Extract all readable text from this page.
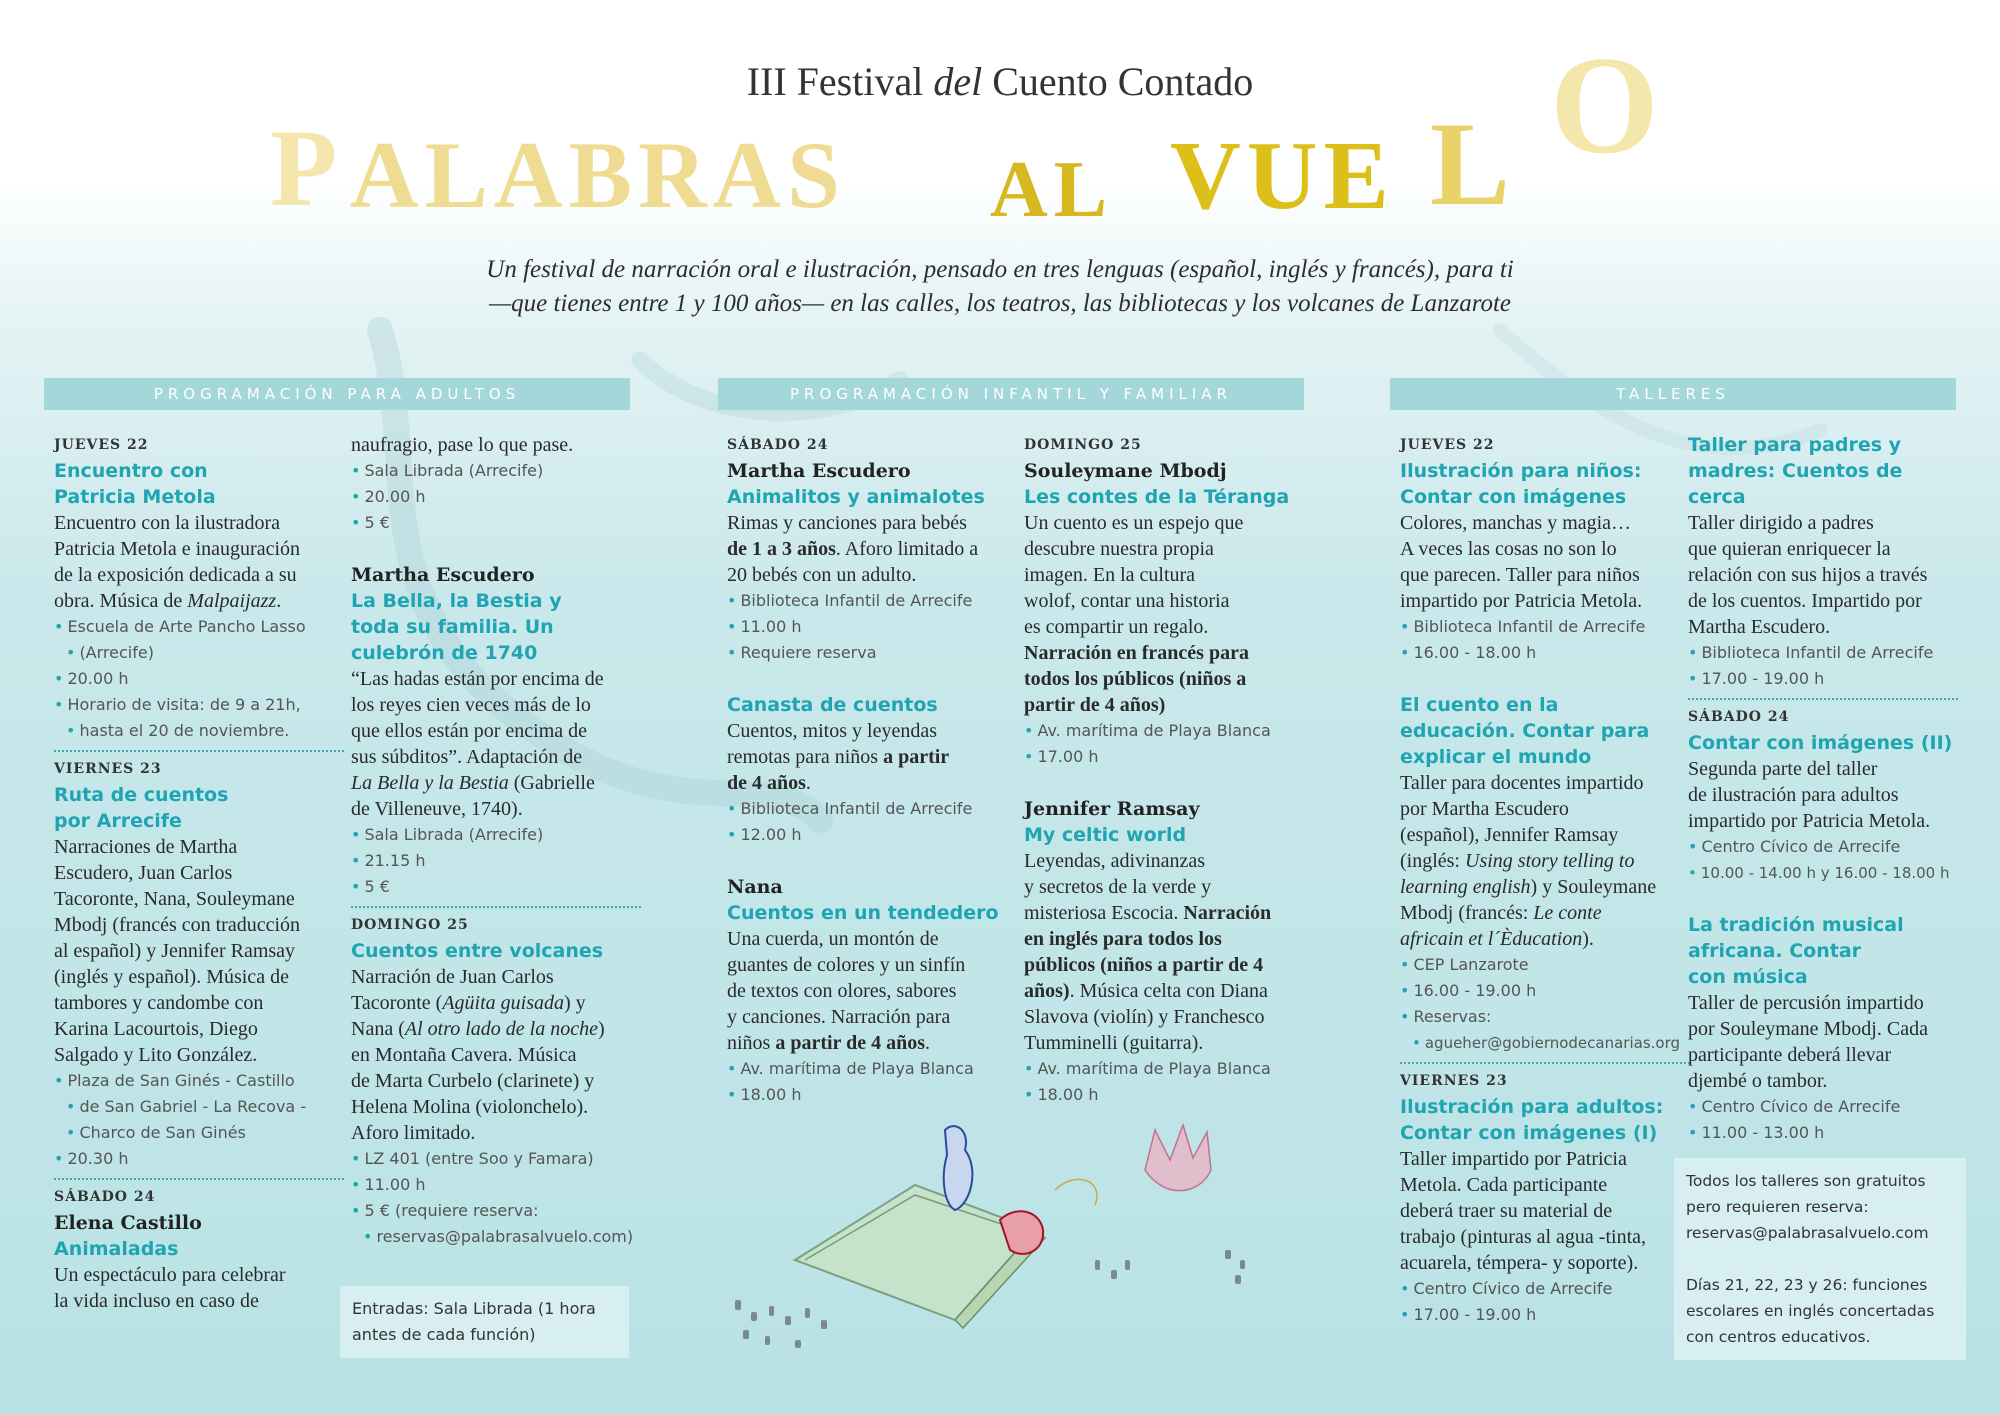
III Festival del Cuento Contado
P ALABRAS AL VUE L O
Un festival de narración oral e ilustración, pensado en tres lenguas (español, inglés y francés), para ti
—que tienes entre 1 y 100 años— en las calles, los teatros, las bibliotecas y los volcanes de Lanzarote
PROGRAMACIÓN PARA ADULTOS	PROGRAMACIÓN INFANTIL Y FAMILIAR	TALLERES
JUEVES 22
Encuentro con
Patricia Metola
Encuentro con la ilustradora
Patricia Metola e inauguración
de la exposición dedicada a su
obra. Música de Malpaijazz.
• Escuela de Arte Pancho Lasso
• (Arrecife)
• 20.00 h
• Horario de visita: de 9 a 21h,
• hasta el 20 de noviembre.
VIERNES 23
Ruta de cuentos
por Arrecife
Narraciones de Martha
Escudero, Juan Carlos
Tacoronte, Nana, Souleymane
Mbodj (francés con traducción
al español) y Jennifer Ramsay
(inglés y español). Música de
tambores y candombe con
Karina Lacourtois, Diego
Salgado y Lito González.
• Plaza de San Ginés - Castillo
• de San Gabriel - La Recova -
• Charco de San Ginés
• 20.30 h
SÁBADO 24
Elena Castillo
Animaladas
Un espectáculo para celebrar
la vida incluso en caso de
naufragio, pase lo que pase.
• Sala Librada (Arrecife)
• 20.00 h
• 5 €
Martha Escudero
La Bella, la Bestia y
toda su familia. Un
culebrón de 1740
“Las hadas están por encima de
los reyes cien veces más de lo
que ellos están por encima de
sus súbditos”. Adaptación de
La Bella y la Bestia (Gabrielle
de Villeneuve, 1740).
• Sala Librada (Arrecife)
• 21.15 h
• 5 €
DOMINGO 25
Cuentos entre volcanes
Narración de Juan Carlos
Tacoronte (Agüita guisada) y
Nana (Al otro lado de la noche)
en Montaña Cavera. Música
de Marta Curbelo (clarinete) y
Helena Molina (violonchelo).
Aforo limitado.
• LZ 401 (entre Soo y Famara)
• 11.00 h
• 5 € (requiere reserva:
• reservas@palabrasalvuelo.com)
Entradas: Sala Librada (1 hora antes de cada función)
SÁBADO 24
Martha Escudero
Animalitos y animalotes
Rimas y canciones para bebés
de 1 a 3 años. Aforo limitado a
20 bebés con un adulto.
• Biblioteca Infantil de Arrecife
• 11.00 h
• Requiere reserva
Canasta de cuentos
Cuentos, mitos y leyendas
remotas para niños a partir
de 4 años.
• Biblioteca Infantil de Arrecife
• 12.00 h
Nana
Cuentos en un tendedero
Una cuerda, un montón de
guantes de colores y un sinfín
de textos con olores, sabores
y canciones. Narración para
niños a partir de 4 años.
• Av. marítima de Playa Blanca
• 18.00 h
DOMINGO 25
Souleymane Mbodj
Les contes de la Téranga
Un cuento es un espejo que
descubre nuestra propia
imagen. En la cultura
wolof, contar una historia
es compartir un regalo.
Narración en francés para
todos los públicos (niños a
partir de 4 años)
• Av. marítima de Playa Blanca
• 17.00 h
Jennifer Ramsay
My celtic world
Leyendas, adivinanzas
y secretos de la verde y
misteriosa Escocia. Narración
en inglés para todos los
públicos (niños a partir de 4
años). Música celta con Diana
Slavova (violín) y Franchesco
Tumminelli (guitarra).
• Av. marítima de Playa Blanca
• 18.00 h
JUEVES 22
Ilustración para niños:
Contar con imágenes
Colores, manchas y magia…
A veces las cosas no son lo
que parecen. Taller para niños
impartido por Patricia Metola.
• Biblioteca Infantil de Arrecife
• 16.00 - 18.00 h
El cuento en la
educación. Contar para
explicar el mundo
Taller para docentes impartido
por Martha Escudero
(español), Jennifer Ramsay
(inglés: Using story telling to
learning english) y Souleymane
Mbodj (francés: Le conte
africain et l´Èducation).
• CEP Lanzarote
• 16.00 - 19.00 h
• Reservas:
• agueher@gobiernodecanarias.org
VIERNES 23
Ilustración para adultos:
Contar con imágenes (I)
Taller impartido por Patricia
Metola. Cada participante
deberá traer su material de
trabajo (pinturas al agua -tinta,
acuarela, témpera- y soporte).
• Centro Cívico de Arrecife
• 17.00 - 19.00 h
Taller para padres y
madres: Cuentos de cerca
Taller dirigido a padres
que quieran enriquecer la
relación con sus hijos a través
de los cuentos. Impartido por
Martha Escudero.
• Biblioteca Infantil de Arrecife
• 17.00 - 19.00 h
SÁBADO 24
Contar con imágenes (II)
Segunda parte del taller
de ilustración para adultos
impartido por Patricia Metola.
• Centro Cívico de Arrecife
• 10.00 - 14.00 h y 16.00 - 18.00 h
La tradición musical
africana. Contar
con música
Taller de percusión impartido
por Souleymane Mbodj. Cada
participante deberá llevar
djembé o tambor.
• Centro Cívico de Arrecife
• 11.00 - 13.00 h
Todos los talleres son gratuitos
pero requieren reserva:
reservas@palabrasalvuelo.com
Días 21, 22, 23 y 26: funciones
escolares en inglés concertadas
con centros educativos.
